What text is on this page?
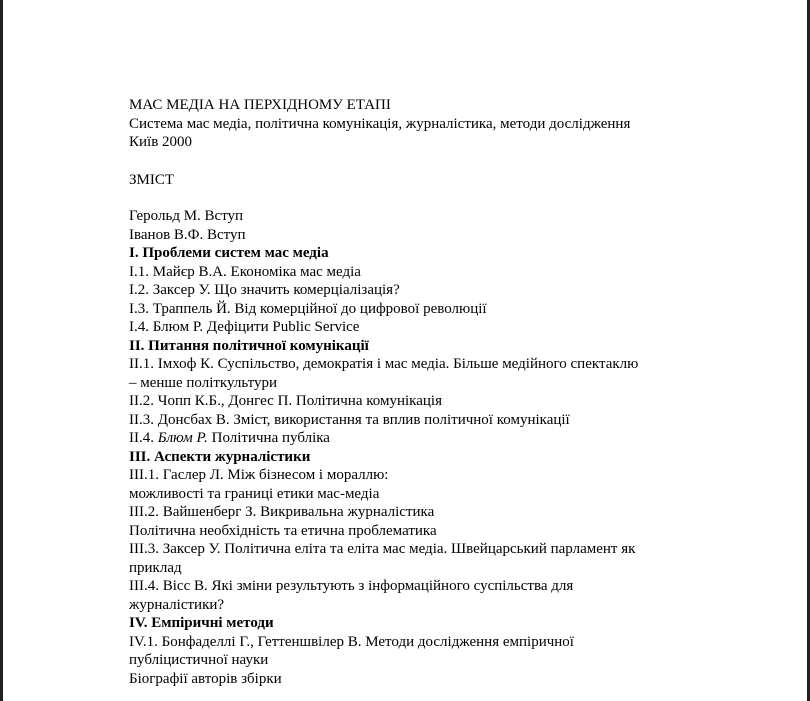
МАС МЕДІА НА ПЕРХІДНОМУ ЕТАПІ
Система мас медіа, політична комунікація, журналістика, методи дослідження
Київ 2000
ЗМІСТ
Герольд М. Вступ
Іванов В.Ф. Вступ
І. Проблеми систем мас медіа
І.1. Майєр В.А. Економіка мас медіа
І.2. Заксер У. Що значить комерціалізація?
І.3. Траппель Й. Від комерційної до цифрової революції
І.4. Блюм Р. Дефіцити Public Service
ІІ. Питання політичної комунікації
ІІ.1. Імхоф К. Суспільство, демократія і мас медіа. Більше медійного спектаклю
– менше політкультури
ІІ.2. Чопп К.Б., Донгес П. Політична комунікація
ІІ.3. Донсбах В. Зміст, використання та вплив політичної комунікації
ІІ.4. Блюм Р. Політична публіка
ІІІ. Аспекти журналістики
ІІІ.1. Гаслер Л. Між бізнесом і мораллю:
можливості та границі етики мас-медіа
ІІІ.2. Вайшенберг З. Викривальна журналістика
Політична необхідність та етична проблематика
ІІІ.3. Заксер У. Політична еліта та еліта мас медіа. Швейцарський парламент як
приклад
ІІІ.4. Вісс В. Які зміни результують з інформаційного суспільства для
журналістики?
IV. Емпіричні методи
IV.1. Бонфаделлі Г., Геттеншвілер В. Методи дослідження емпіричної
публіцистичної науки
Біографії авторів збірки
